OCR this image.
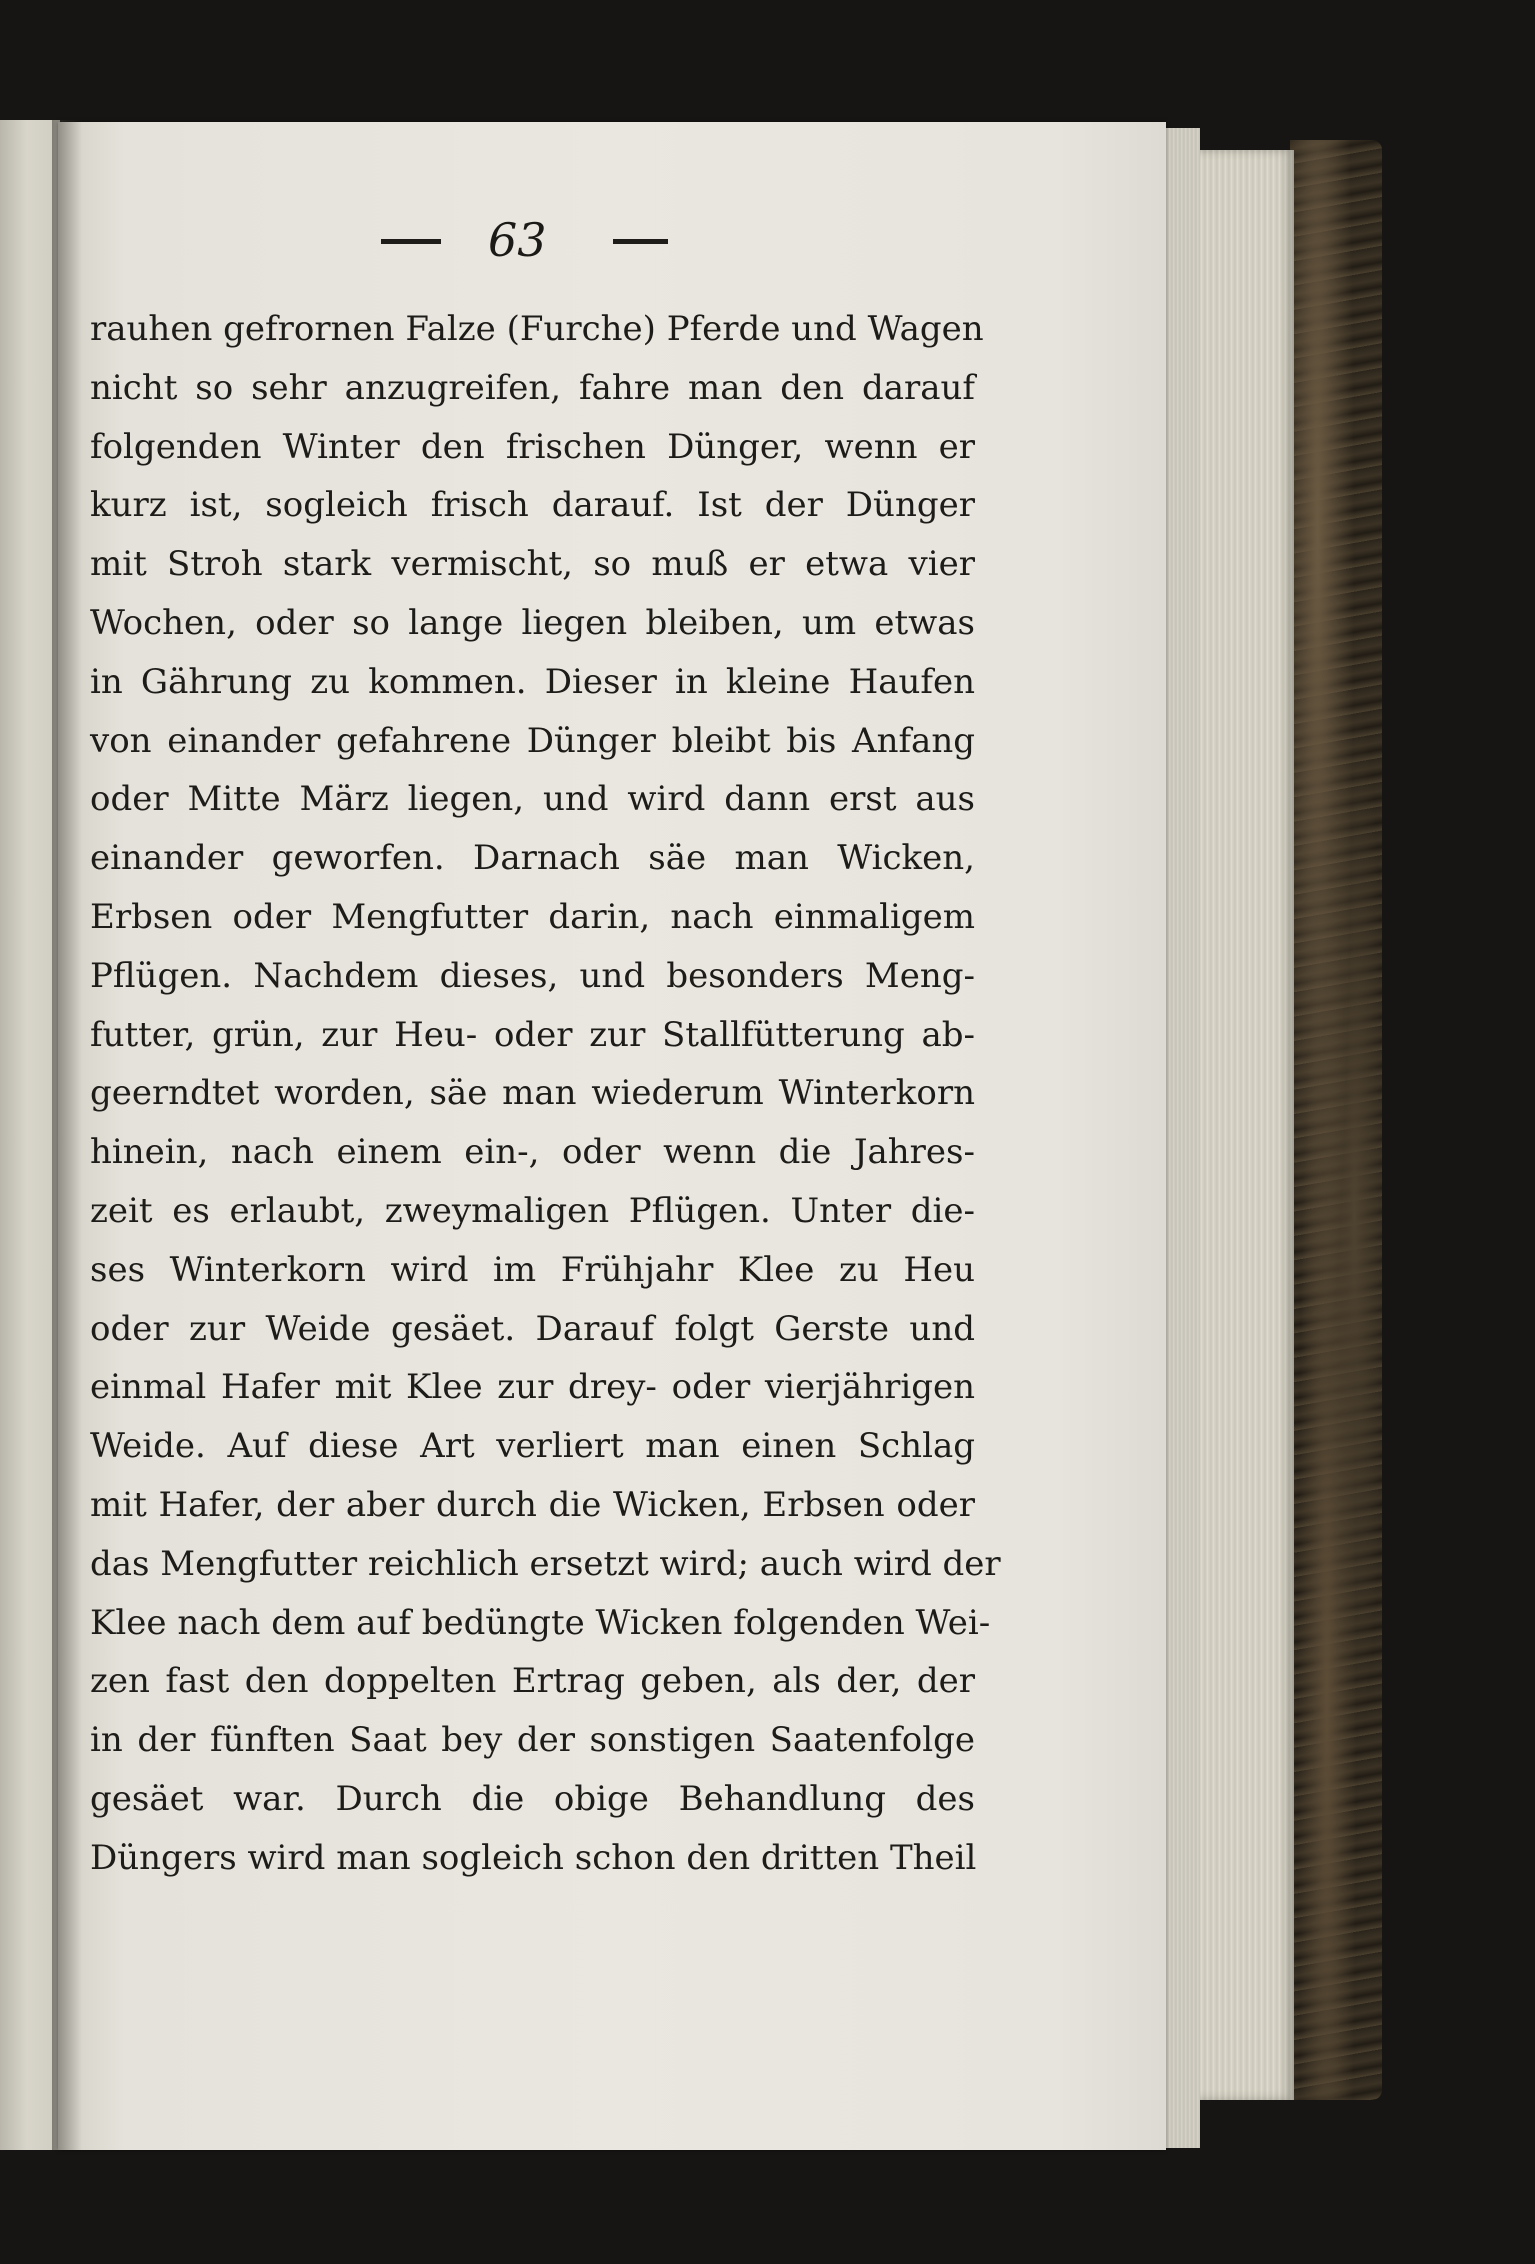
63
rauhen gefrornen Falze (Furche) Pferde und Wagen
nicht so sehr anzugreifen, fahre man den darauf
folgenden Winter den frischen Dünger, wenn er
kurz ist, sogleich frisch darauf. Ist der Dünger
mit Stroh stark vermischt, so muß er etwa vier
Wochen, oder so lange liegen bleiben, um etwas
in Gährung zu kommen. Dieser in kleine Haufen
von einander gefahrene Dünger bleibt bis Anfang
oder Mitte März liegen, und wird dann erst aus
einander geworfen. Darnach säe man Wicken,
Erbsen oder Mengfutter darin, nach einmaligem
Pflügen. Nachdem dieses, und besonders Meng-
futter, grün, zur Heu- oder zur Stallfütterung ab-
geerndtet worden, säe man wiederum Winterkorn
hinein, nach einem ein-, oder wenn die Jahres-
zeit es erlaubt, zweymaligen Pflügen. Unter die-
ses Winterkorn wird im Frühjahr Klee zu Heu
oder zur Weide gesäet. Darauf folgt Gerste und
einmal Hafer mit Klee zur drey- oder vierjährigen
Weide. Auf diese Art verliert man einen Schlag
mit Hafer, der aber durch die Wicken, Erbsen oder
das Mengfutter reichlich ersetzt wird; auch wird der
Klee nach dem auf bedüngte Wicken folgenden Wei-
zen fast den doppelten Ertrag geben, als der, der
in der fünften Saat bey der sonstigen Saatenfolge
gesäet war. Durch die obige Behandlung des
Düngers wird man sogleich schon den dritten Theil
